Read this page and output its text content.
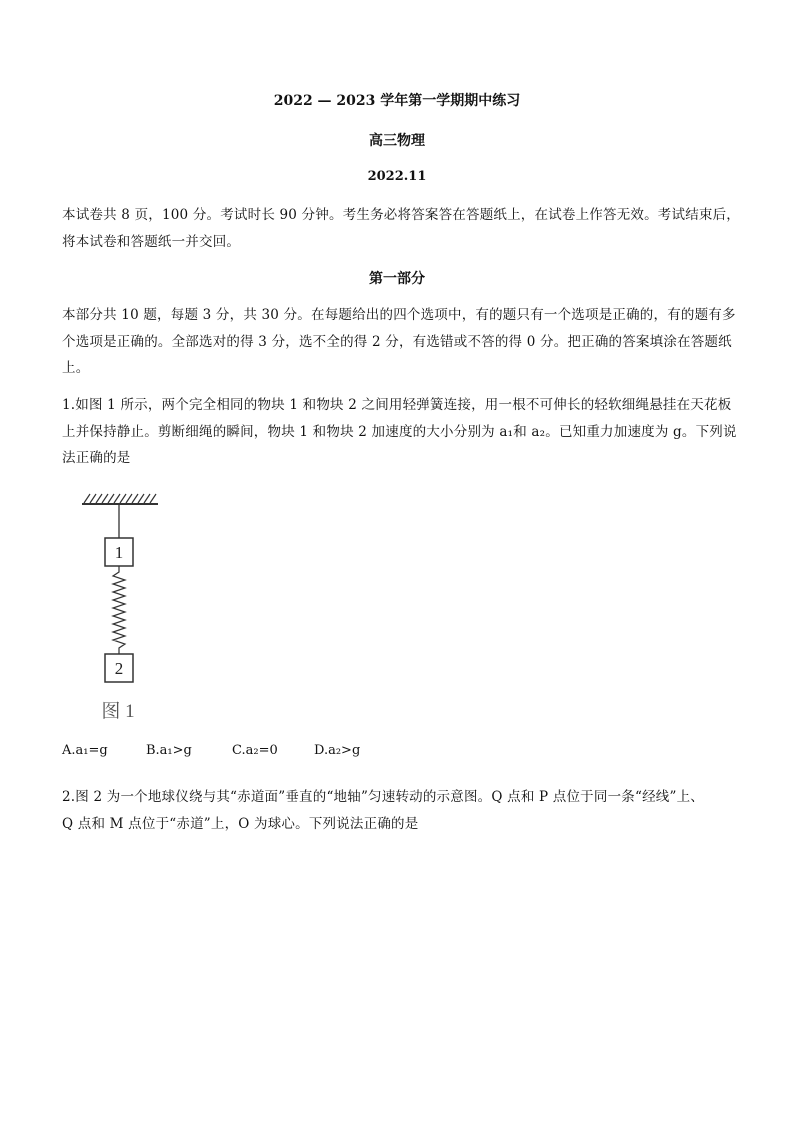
2022 — 2023 学年第一学期期中练习
高三物理
2022.11
本试卷共 8 页，100 分。考试时长 90 分钟。考生务必将答案答在答题纸上，在试卷上作答无效。考试结束后，
将本试卷和答题纸一并交回。
第一部分
本部分共 10 题，每题 3 分，共 30 分。在每题给出的四个选项中，有的题只有一个选项是正确的，有的题有多
个选项是正确的。全部选对的得 3 分，选不全的得 2 分，有选错或不答的得 0 分。把正确的答案填涂在答题纸
上。
1.如图 1 所示，两个完全相同的物块 1 和物块 2 之间用轻弹簧连接，用一根不可伸长的轻软细绳悬挂在天花板
上并保持静止。剪断细绳的瞬间，物块 1 和物块 2 加速度的大小分别为 a₁和 a₂。已知重力加速度为 g。下列说
法正确的是
1
2
图 1
A.a₁=g	B.a₁>g	C.a₂=0	D.a₂>g
2.图 2 为一个地球仪绕与其“赤道面”垂直的“地轴”匀速转动的示意图。Q 点和 P 点位于同一条“经线”上、
Q 点和 M 点位于“赤道”上，O 为球心。下列说法正确的是
